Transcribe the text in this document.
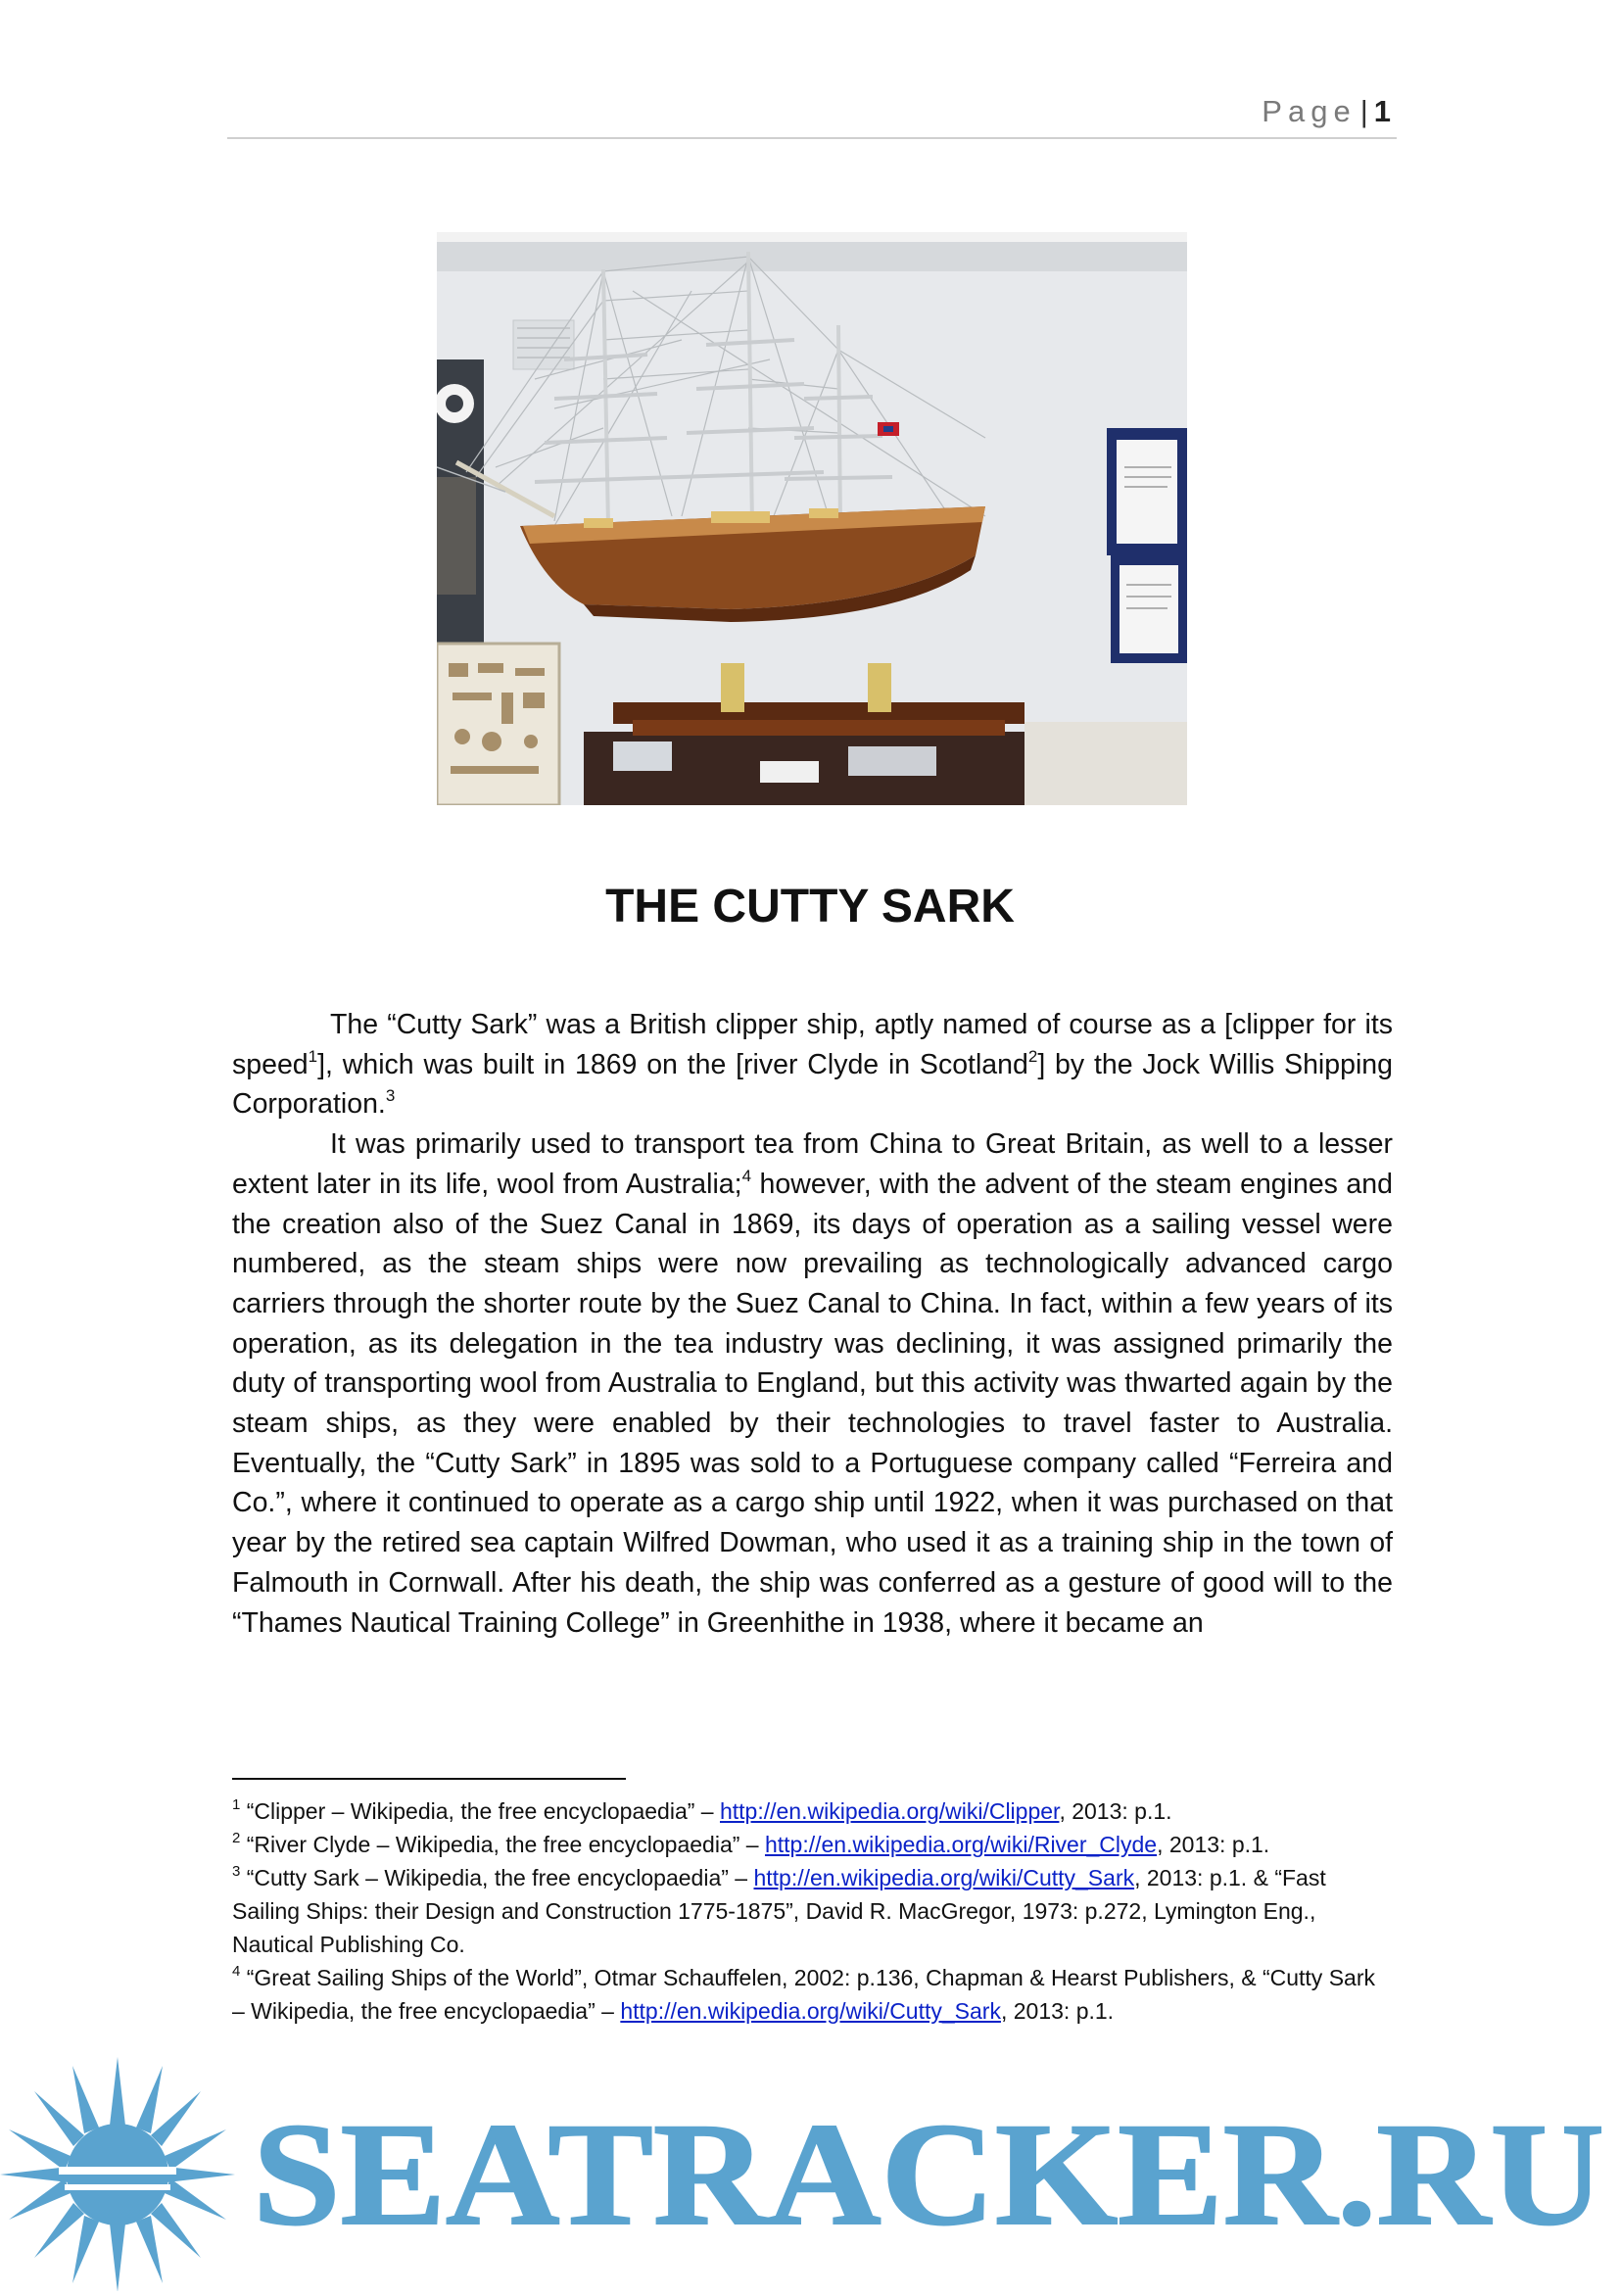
Page | 1
THE CUTTY SARK

The “Cutty Sark” was a British clipper ship, aptly named of course as a [clipper for its speed$^1$], which was built in 1869 on the [river Clyde in Scotland$^2$] by the Jock Willis Shipping Corporation.$^3$

It was primarily used to transport tea from China to Great Britain, as well to a lesser extent later in its life, wool from Australia;$^4$ however, with the advent of the steam engines and the creation also of the Suez Canal in 1869, its days of operation as a sailing vessel were numbered, as the steam ships were now prevailing as technologically advanced cargo carriers through the shorter route by the Suez Canal to China. In fact, within a few years of its operation, as its delegation in the tea industry was declining, it was assigned primarily the duty of transporting wool from Australia to England, but this activity was thwarted again by the steam ships, as they were enabled by their technologies to travel faster to Australia. Eventually, the “Cutty Sark” in 1895 was sold to a Portuguese company called “Ferreira and Co.”, where it continued to operate as a cargo ship until 1922, when it was purchased on that year by the retired sea captain Wilfred Dowman, who used it as a training ship in the town of Falmouth in Cornwall. After his death, the ship was conferred as a gesture of good will to the “Thames Nautical Training College” in Greenhithe in 1938, where it became an

$^1$ “Clipper – Wikipedia, the free encyclopaedia” – http://en.wikipedia.org/wiki/Clipper, 2013: p.1.
$^2$ “River Clyde – Wikipedia, the free encyclopaedia” – http://en.wikipedia.org/wiki/River_Clyde, 2013: p.1.
$^3$ “Cutty Sark – Wikipedia, the free encyclopaedia” – http://en.wikipedia.org/wiki/Cutty_Sark, 2013: p.1. & “Fast Sailing Ships: their Design and Construction 1775-1875”, David R. MacGregor, 1973: p.272, Lymington Eng., Nautical Publishing Co.
$^4$ “Great Sailing Ships of the World”, Otmar Schauffelen, 2002: p.136, Chapman & Hearst Publishers, & “Cutty Sark – Wikipedia, the free encyclopaedia” – http://en.wikipedia.org/wiki/Cutty_Sark, 2013: p.1.
SEATRACKER.RU
